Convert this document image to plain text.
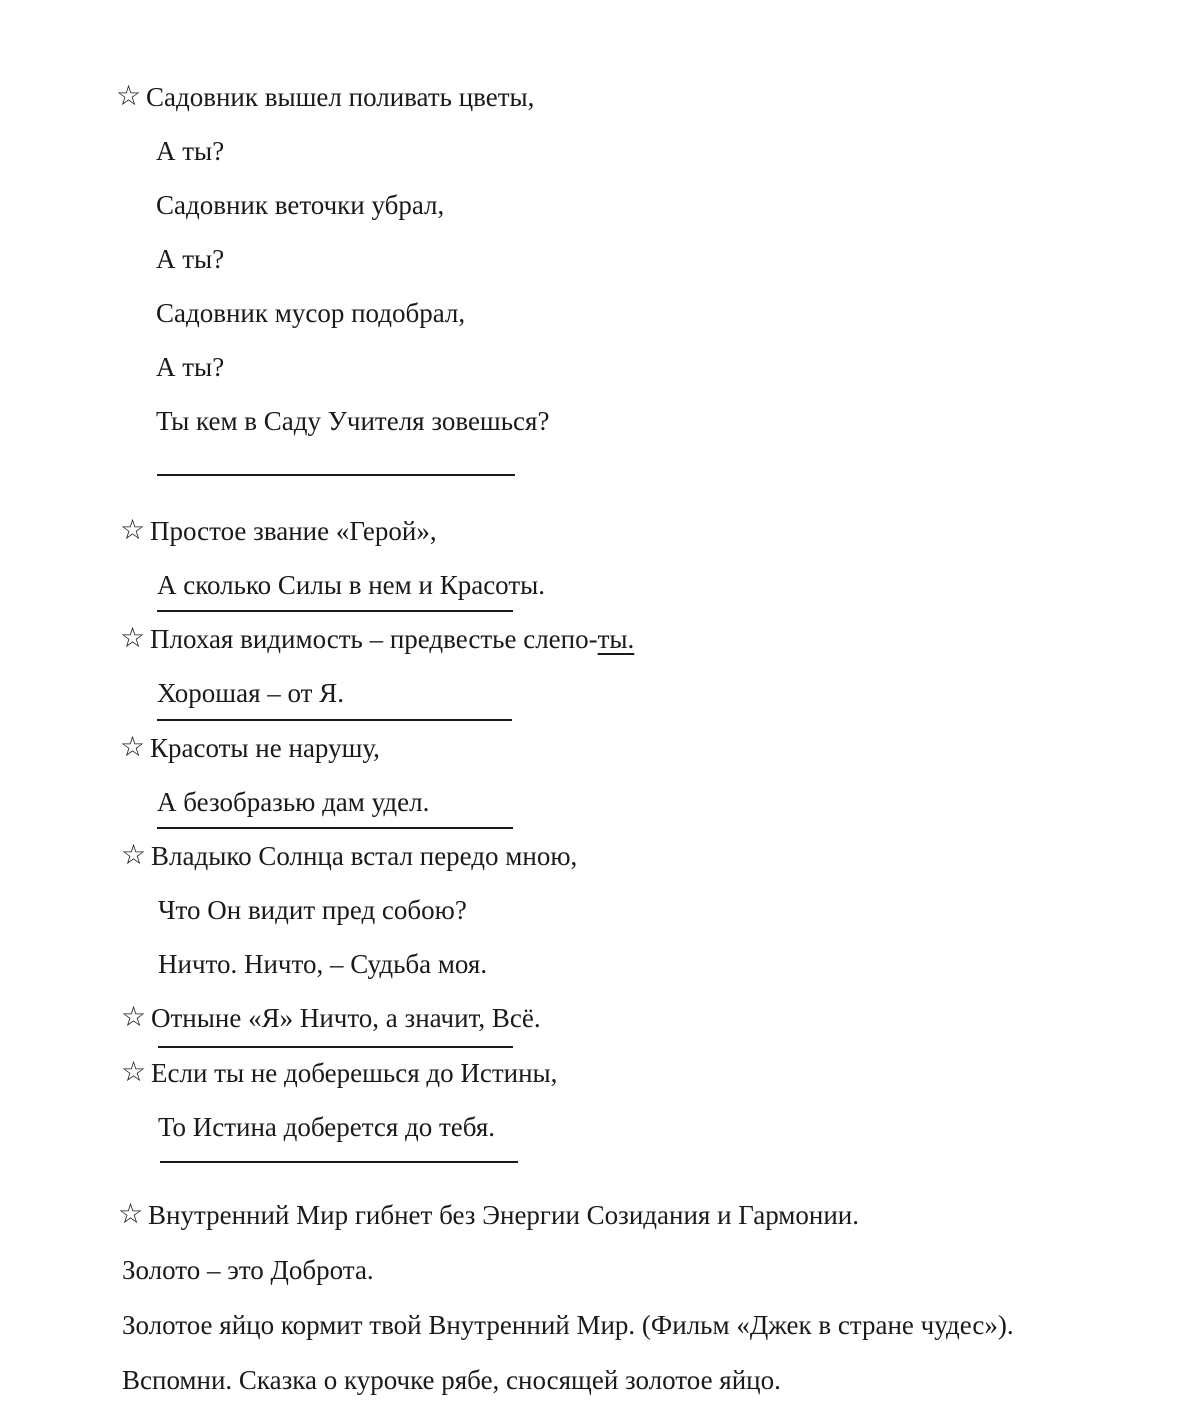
☆ Садовник вышел поливать цветы,
А ты?
Садовник веточки убрал,
А ты?
Садовник мусор подобрал,
А ты?
Ты кем в Саду Учителя зовешься?
☆ Простое звание «Герой»,
А сколько Силы в нем и Красоты.
☆ Плохая видимость – предвестье слепо-ты.
Хорошая – от Я.
☆ Красоты не нарушу,
А безобразью дам удел.
☆ Владыко Солнца встал передо мною,
Что Он видит пред собою?
Ничто. Ничто, – Судьба моя.
☆ Отныне «Я» Ничто, а значит, Всё.
☆ Если ты не доберешься до Истины,
То Истина доберется до тебя.
☆ Внутренний Мир гибнет без Энергии Созидания и Гармонии.
Золото – это Доброта.
Золотое яйцо кормит твой Внутренний Мир. (Фильм «Джек в стране чудес»).
Вспомни. Сказка о курочке рябе, сносящей золотое яйцо.
